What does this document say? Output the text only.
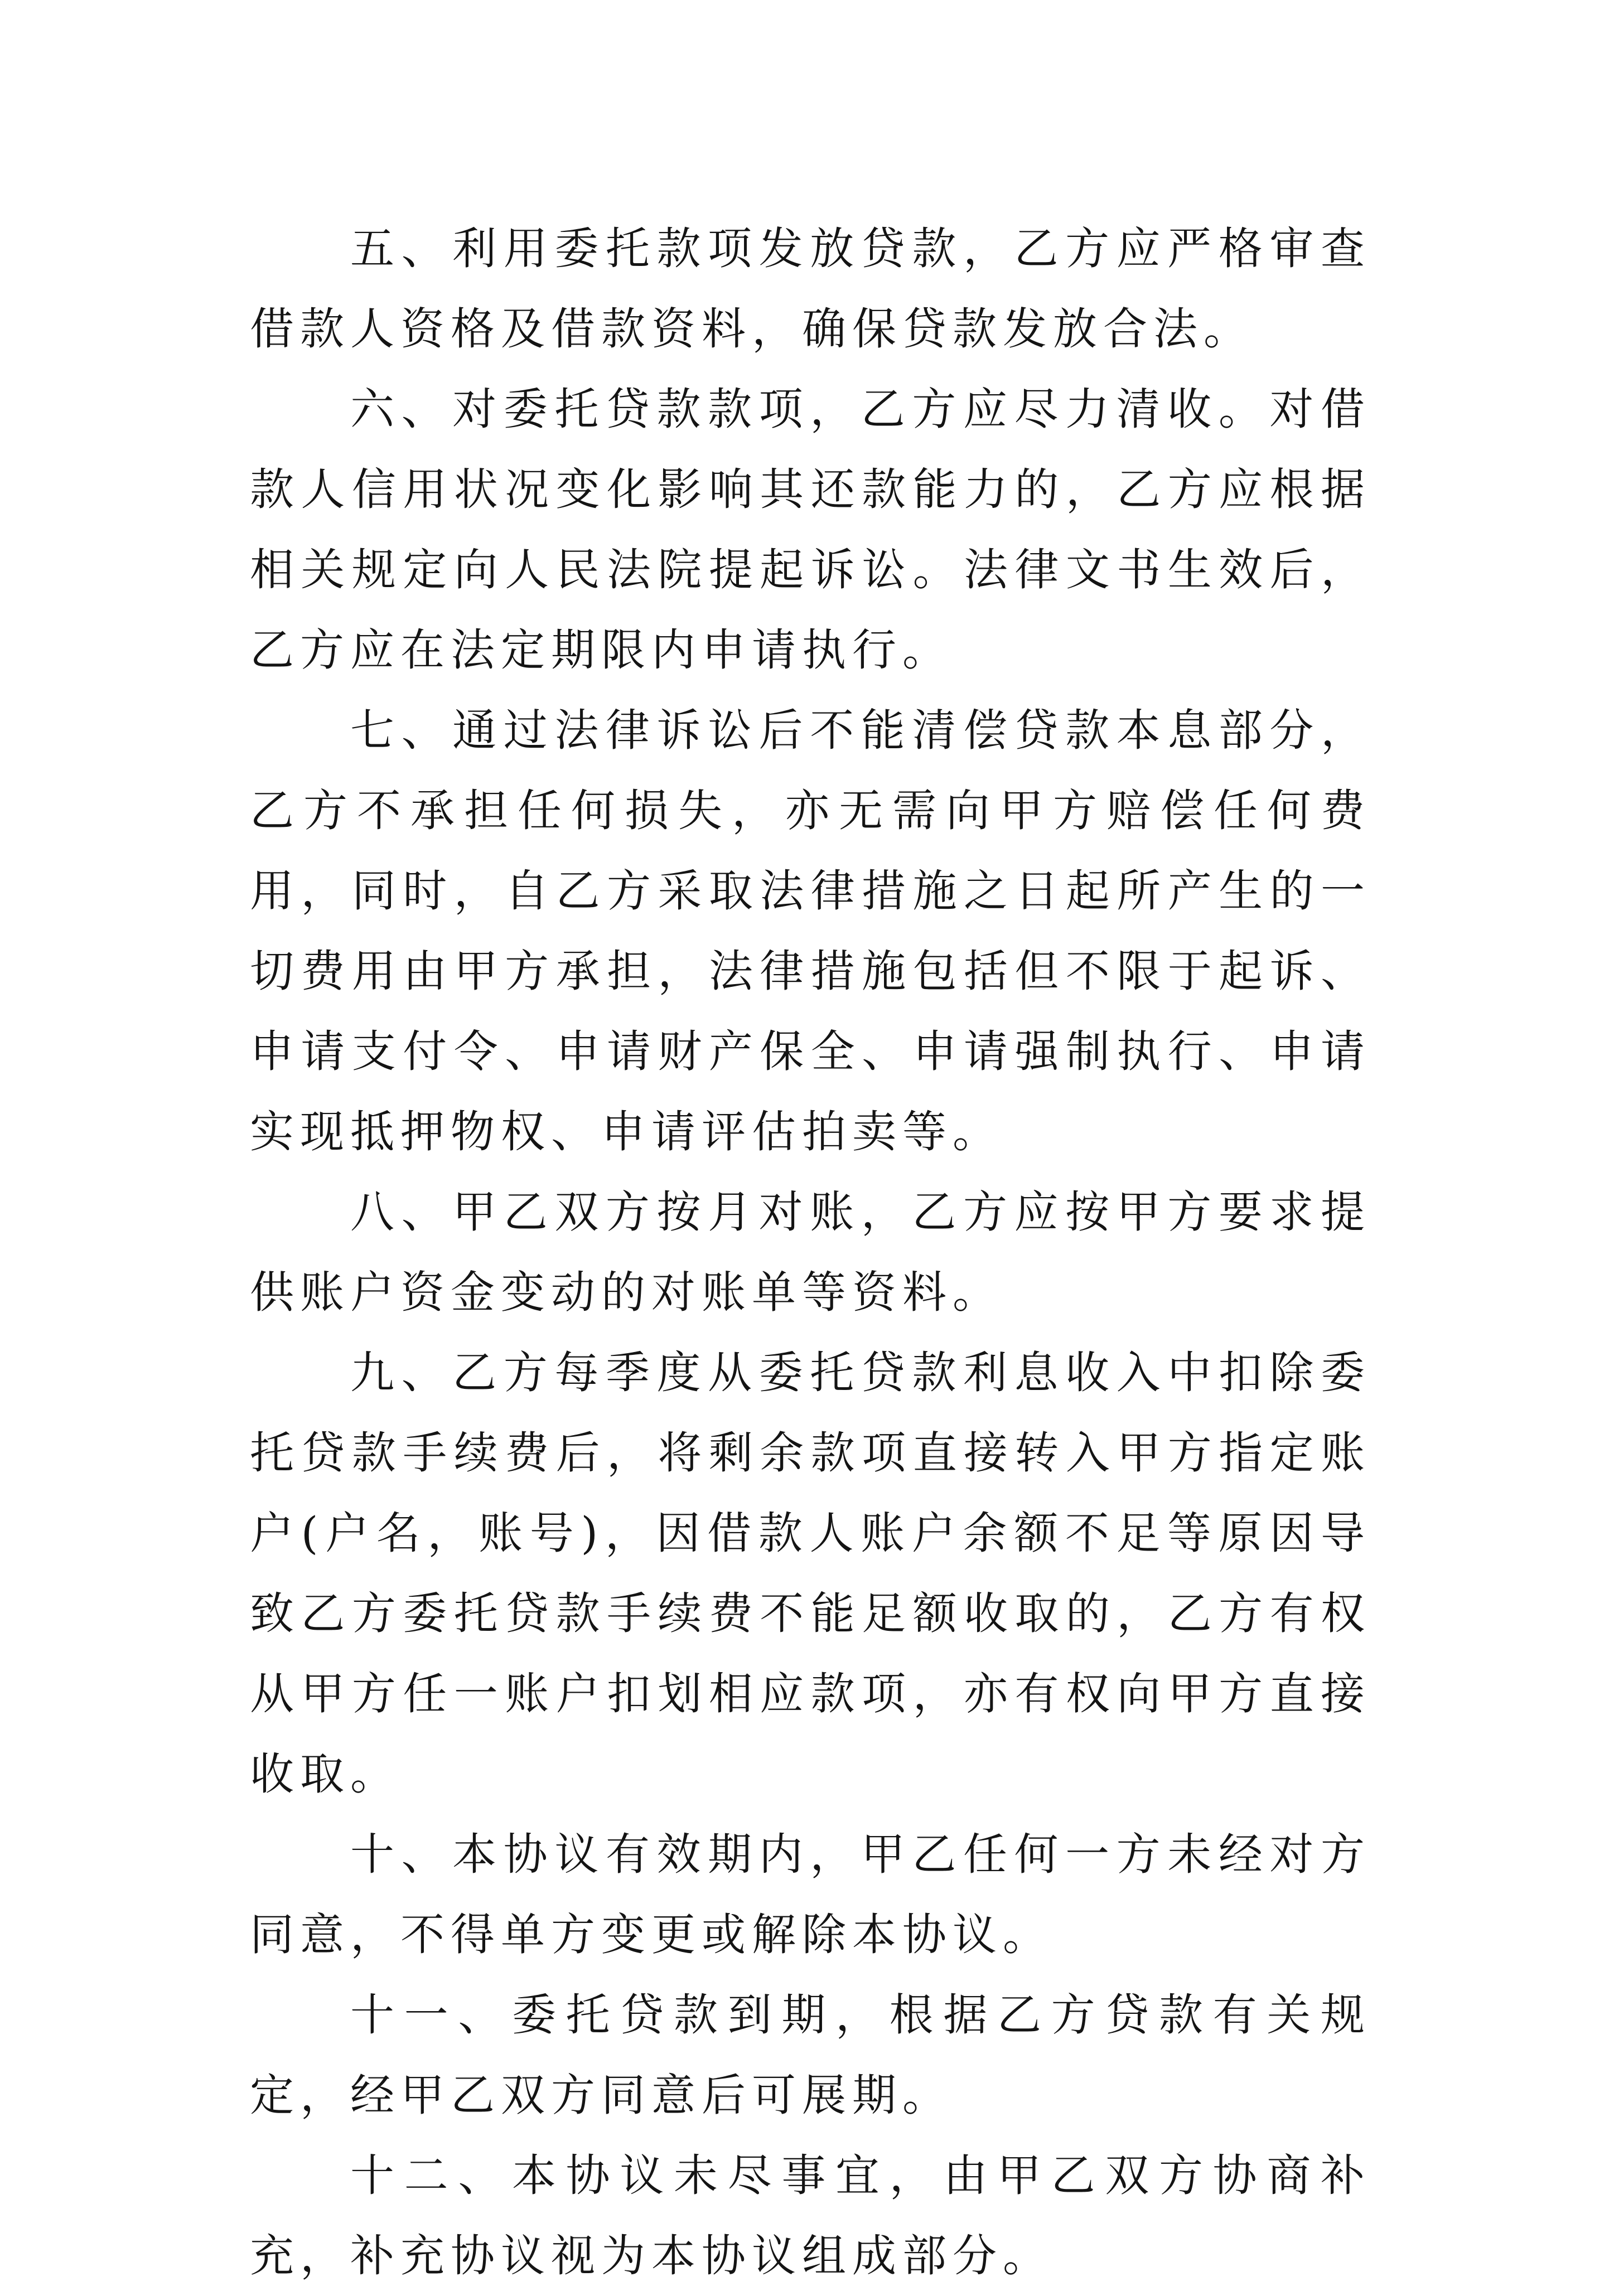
五、利用委托款项发放贷款，乙方应严格审查借款人资格及借款资料，确保贷款发放合法。

六、对委托贷款款项，乙方应尽力清收。对借款人信用状况变化影响其还款能力的，乙方应根据相关规定向人民法院提起诉讼。法律文书生效后，乙方应在法定期限内申请执行。

七、通过法律诉讼后不能清偿贷款本息部分，乙方不承担任何损失，亦无需向甲方赔偿任何费用，同时，自乙方采取法律措施之日起所产生的一切费用由甲方承担，法律措施包括但不限于起诉、申请支付令、申请财产保全、申请强制执行、申请实现抵押物权、申请评估拍卖等。

八、甲乙双方按月对账，乙方应按甲方要求提供账户资金变动的对账单等资料。

九、乙方每季度从委托贷款利息收入中扣除委托贷款手续费后，将剩余款项直接转入甲方指定账户(户名，账号)，因借款人账户余额不足等原因导致乙方委托贷款手续费不能足额收取的，乙方有权从甲方任一账户扣划相应款项，亦有权向甲方直接收取。

十、本协议有效期内，甲乙任何一方未经对方同意，不得单方变更或解除本协议。

十一、委托贷款到期，根据乙方贷款有关规定，经甲乙双方同意后可展期。

十二、本协议未尽事宜，由甲乙双方协商补充，补充协议视为本协议组成部分。
